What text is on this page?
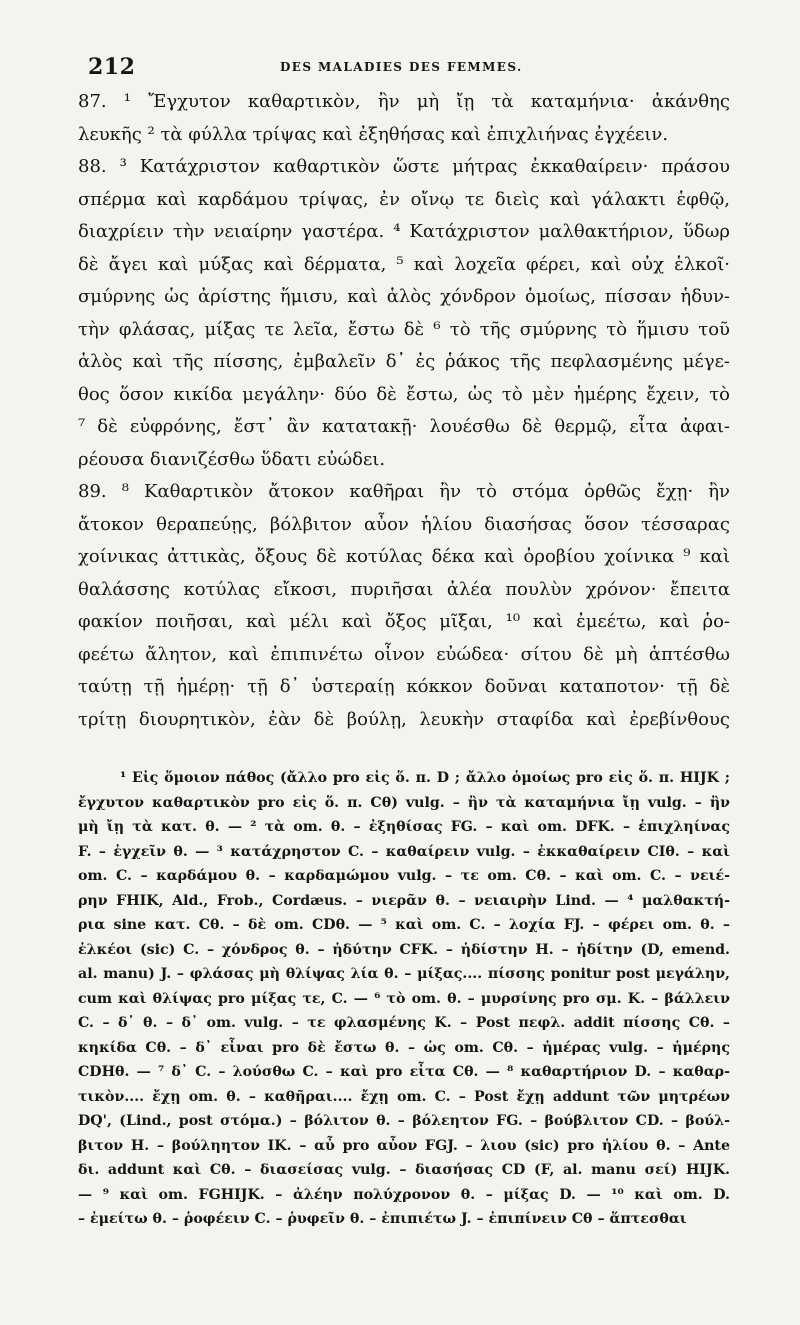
212	DES MALADIES DES FEMMES.
87. ¹ Ἔγχυτον καθαρτικὸν, ἢν μὴ ἴῃ τὰ καταμήνια· ἀκάνθης
λευκῆς ² τὰ φύλλα τρίψας καὶ ἐξηθήσας καὶ ἐπιχλιήνας ἐγχέειν.
88. ³ Κατάχριστον καθαρτικὸν ὥστε μήτρας ἐκκαθαίρειν· πράσου
σπέρμα καὶ καρδάμου τρίψας, ἐν οἴνῳ τε διεὶς καὶ γάλακτι ἑφθῷ,
διαχρίειν τὴν νειαίρην γαστέρα. ⁴ Κατάχριστον μαλθακτήριον, ὕδωρ
δὲ ἄγει καὶ μύξας καὶ δέρματα, ⁵ καὶ λοχεῖα φέρει, καὶ οὐχ ἑλκοῖ·
σμύρνης ὡς ἀρίστης ἥμισυ, καὶ ἁλὸς χόνδρον ὁμοίως, πίσσαν ἡδυν-
τὴν φλάσας, μίξας τε λεῖα, ἔστω δὲ ⁶ τὸ τῆς σμύρνης τὸ ἥμισυ τοῦ
ἁλὸς καὶ τῆς πίσσης, ἐμβαλεῖν δ᾽ ἐς ῥάκος τῆς πεφλασμένης μέγε-
θος ὅσον κικίδα μεγάλην· δύο δὲ ἔστω, ὡς τὸ μὲν ἡμέρης ἔχειν, τὸ
⁷ δὲ εὐφρόνης, ἔστ᾽ ἂν κατατακῇ· λουέσθω δὲ θερμῷ, εἶτα ἀφαι-
ρέουσα διανιζέσθω ὕδατι εὐώδει.
89. ⁸ Καθαρτικὸν ἄτοκον καθῆραι ἢν τὸ στόμα ὀρθῶς ἔχῃ· ἢν
ἄτοκον θεραπεύῃς, βόλβιτον αὖον ἡλίου διασήσας ὅσον τέσσαρας
χοίνικας ἀττικὰς, ὄξους δὲ κοτύλας δέκα καὶ ὀροβίου χοίνικα ⁹ καὶ
θαλάσσης κοτύλας εἴκοσι, πυριῆσαι ἀλέα πουλὺν χρόνον· ἔπειτα
φακίον ποιῆσαι, καὶ μέλι καὶ ὄξος μῖξαι, ¹⁰ καὶ ἐμεέτω, καὶ ῥο-
φεέτω ἄλητον, καὶ ἐπιπινέτω οἶνον εὐώδεα· σίτου δὲ μὴ ἁπτέσθω
ταύτῃ τῇ ἡμέρῃ· τῇ δ᾽ ὑστεραίῃ κόκκον δοῦναι καταποτον· τῇ δὲ
τρίτῃ διουρητικὸν, ἐὰν δὲ βούλῃ, λευκὴν σταφίδα καὶ ἐρεβίνθους
¹ Εἰς ὅμοιον πάθος (ἄλλο pro εἰς ὅ. π. D ; ἄλλο ὁμοίως pro εἰς ὅ. π. HIJK ;
ἔγχυτον καθαρτικὸν pro εἰς ὅ. π. Cθ) vulg. – ἢν τὰ καταμήνια ἴῃ vulg. – ἢν
μὴ ἴῃ τὰ κατ. θ. — ² τὰ om. θ. – ἐξηθίσας FG. – καὶ om. DFK. – ἐπιχληίνας
F. – ἐγχεῖν θ. — ³ κατάχρηστον C. – καθαίρειν vulg. – ἐκκαθαίρειν CIθ. – καὶ
om. C. – καρδάμου θ. – καρδαμώμου vulg. – τε om. Cθ. – καὶ om. C. – νειέ-
ρην FHIK, Ald., Frob., Cordæus. – νιερᾶν θ. – νειαιρὴν Lind. — ⁴ μαλθακτή-
ρια sine κατ. Cθ. – δὲ om. CDθ. — ⁵ καὶ om. C. – λοχία FJ. – φέρει om. θ. –
ἑλκέοι (sic) C. – χόνδρος θ. – ἡδύτην CFK. – ἡδίστην H. – ἡδίτην (D, emend.
al. manu) J. – φλάσας μὴ θλίψας λία θ. – μίξας.... πίσσης ponitur post μεγάλην,
cum καὶ θλίψας pro μίξας τε, C. — ⁶ τὸ om. θ. – μυρσίνης pro σμ. K. – βάλλειν
C. – δ᾽ θ. – δ᾽ om. vulg. – τε φλασμένης K. – Post πεφλ. addit πίσσης Cθ. –
κηκίδα Cθ. – δ᾽ εἶναι pro δὲ ἔστω θ. – ὡς om. Cθ. – ἡμέρας vulg. – ἡμέρης
CDHθ. — ⁷ δ᾽ C. – λούσθω C. – καὶ pro εἶτα Cθ. — ⁸ καθαρτήριον D. – καθαρ-
τικὸν.... ἔχῃ om. θ. – καθῆραι.... ἔχῃ om. C. – Post ἔχῃ addunt τῶν μητρέων
DQ', (Lind., post στόμα.) – βόλιτον θ. – βόλεητον FG. – βούβλιτον CD. – βούλ-
βιτον H. – βούληητον IK. – αὖ pro αὖον FGJ. – λιου (sic) pro ἡλίου θ. – Ante
δι. addunt καὶ Cθ. – διασείσας vulg. – διασήσας CD (F, al. manu σεί) HIJK.
— ⁹ καὶ om. FGHIJK. – ἀλέην πολύχρονον θ. – μίξας D. — ¹⁰ καὶ om. D.
– ἐμείτω θ. – ῥοφέειν C. – ῥυφεῖν θ. – ἐπιπιέτω J. – ἐπιπίνειν Cθ – ἅπτεσθαι
